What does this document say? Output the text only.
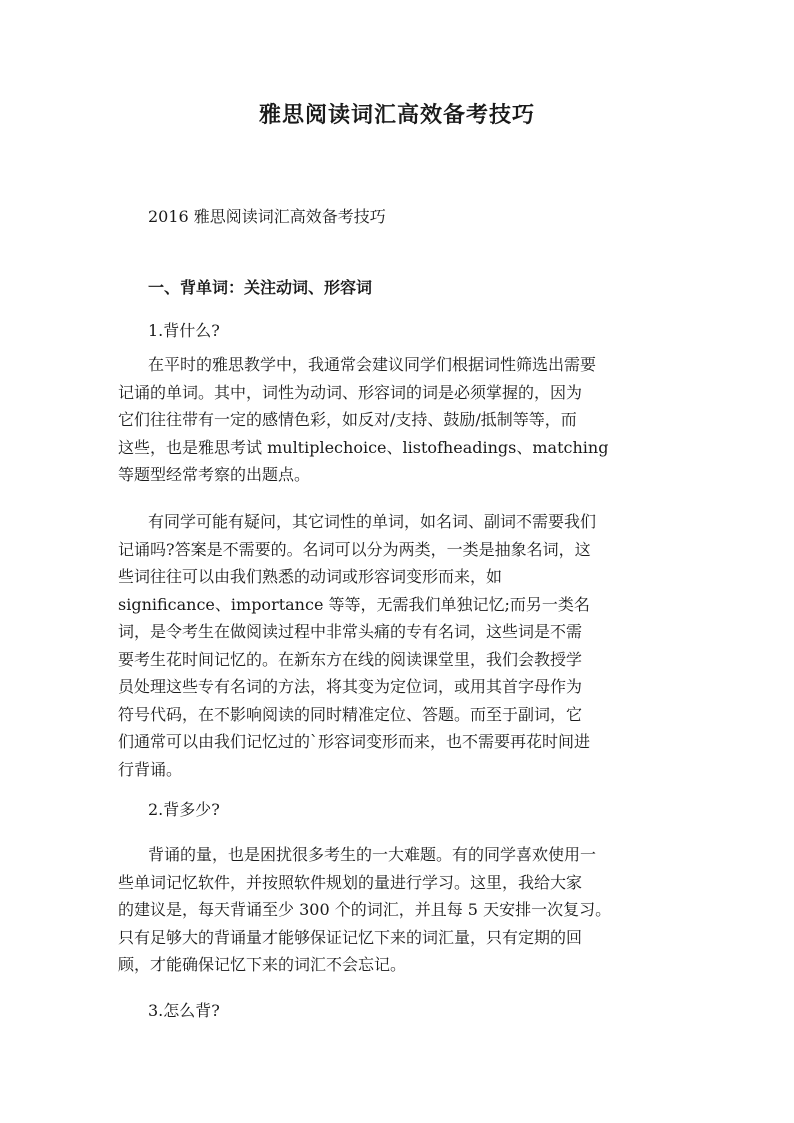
雅思阅读词汇高效备考技巧
2016 雅思阅读词汇高效备考技巧
一、背单词：关注动词、形容词
1.背什么?
在平时的雅思教学中，我通常会建议同学们根据词性筛选出需要
记诵的单词。其中，词性为动词、形容词的词是必须掌握的，因为
它们往往带有一定的感情色彩，如反对/支持、鼓励/抵制等等，而
这些，也是雅思考试 multiplechoice、listofheadings、matching
等题型经常考察的出题点。
有同学可能有疑问，其它词性的单词，如名词、副词不需要我们
记诵吗?答案是不需要的。名词可以分为两类，一类是抽象名词，这
些词往往可以由我们熟悉的动词或形容词变形而来，如
significance、importance 等等，无需我们单独记忆;而另一类名
词，是令考生在做阅读过程中非常头痛的专有名词，这些词是不需
要考生花时间记忆的。在新东方在线的阅读课堂里，我们会教授学
员处理这些专有名词的方法，将其变为定位词，或用其首字母作为
符号代码，在不影响阅读的同时精准定位、答题。而至于副词，它
们通常可以由我们记忆过的`形容词变形而来，也不需要再花时间进
行背诵。
2.背多少?
背诵的量，也是困扰很多考生的一大难题。有的同学喜欢使用一
些单词记忆软件，并按照软件规划的量进行学习。这里，我给大家
的建议是，每天背诵至少 300 个的词汇，并且每 5 天安排一次复习。
只有足够大的背诵量才能够保证记忆下来的词汇量，只有定期的回
顾，才能确保记忆下来的词汇不会忘记。
3.怎么背?
